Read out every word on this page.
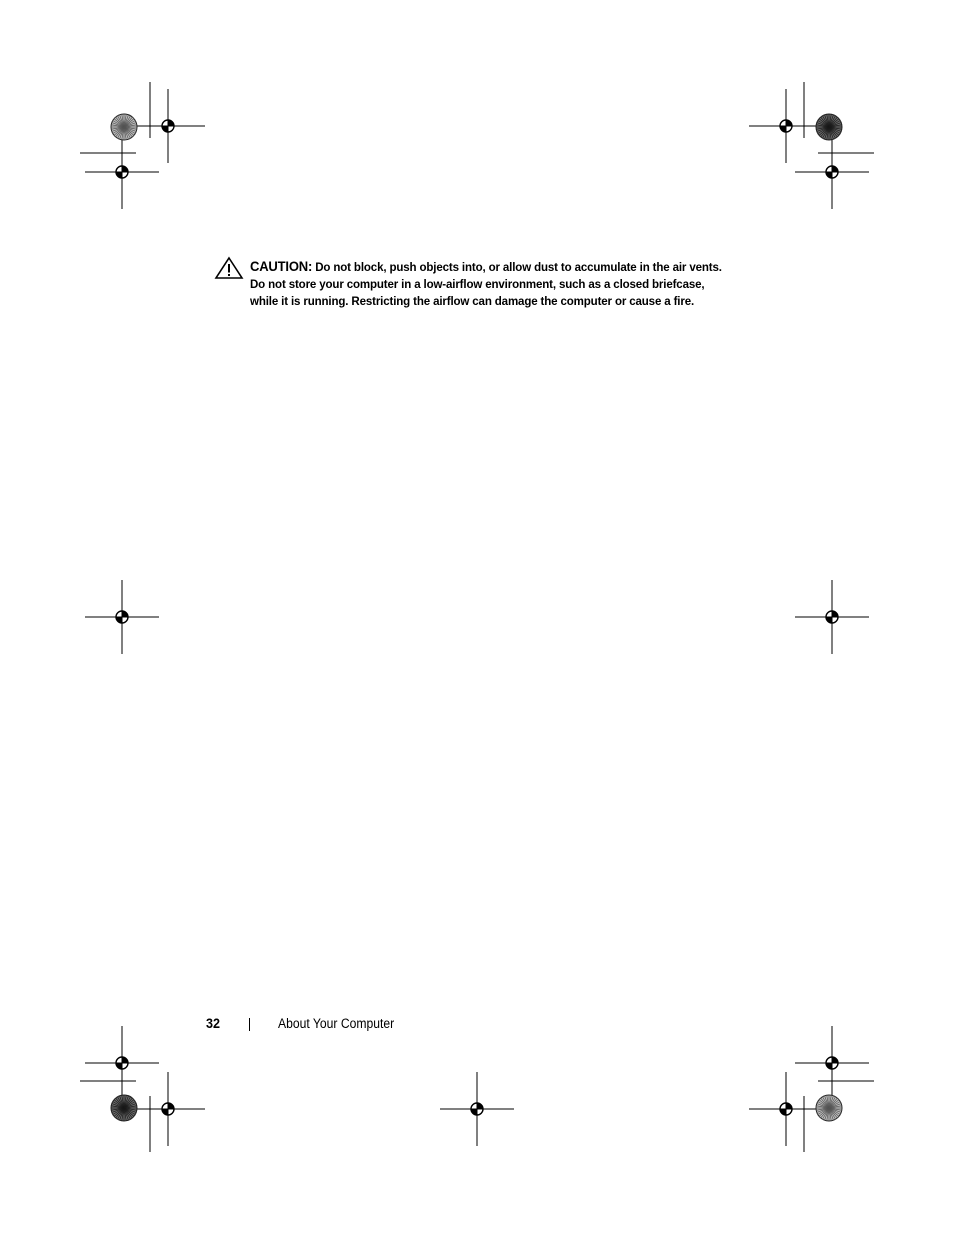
CAUTION: Do not block, push objects into, or allow dust to accumulate in the air vents. Do not store your computer in a low-airflow environment, such as a closed briefcase, while it is running. Restricting the airflow can damage the computer or cause a fire.
32	About Your Computer
